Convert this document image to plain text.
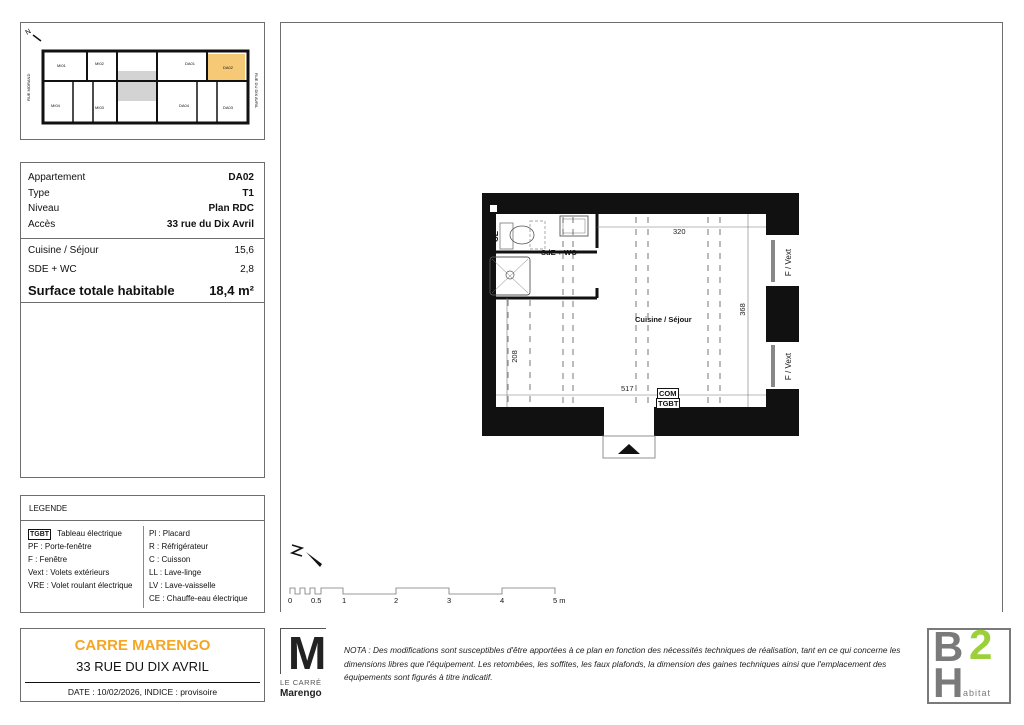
N
MI01	MI02	DA01
DA02
MI04	MI03	DA04	DA03
RUE MORAND	RUE DU DIX AVRIL
Appartement	DA02
Type	T1
Niveau	Plan RDC
Accès	33 rue du Dix Avril
Cuisine / Séjour	15,6
SDE + WC	2,8
Surface totale habitable	18,4 m²
LEGENDE
TGBT Tableau électrique
PF : Porte-fenêtre
F : Fenêtre
Vext : Volets extérieurs
VRE : Volet roulant électrique
Pl : Placard
R : Réfrigérateur
C : Cuisson
LL : Lave-linge
LV : Lave-vaisselle
CE : Chauffe-eau électrique
CARRE MARENGO
33 RUE DU DIX AVRIL
DATE : 10/02/2026, INDICE : provisoire
M
LE CARRÉ
Marengo
NOTA : Des modifications sont susceptibles d'être apportées à ce plan en fonction des nécessités techniques de réalisation, tant en ce qui concerne les dimensions libres que l'équipement. Les retombées, les soffites, les faux plafonds, la dimension des gaines techniques ainsi que l'emplacement des équipements sont figurés à titre indicatif.
B 2
H abitat
SdE + WC
Cuisine / Séjour
CE
COM
TGBT
F / Vext
F / Vext
320
368
208
517
0	0.5	1	2	3	4	5 m
